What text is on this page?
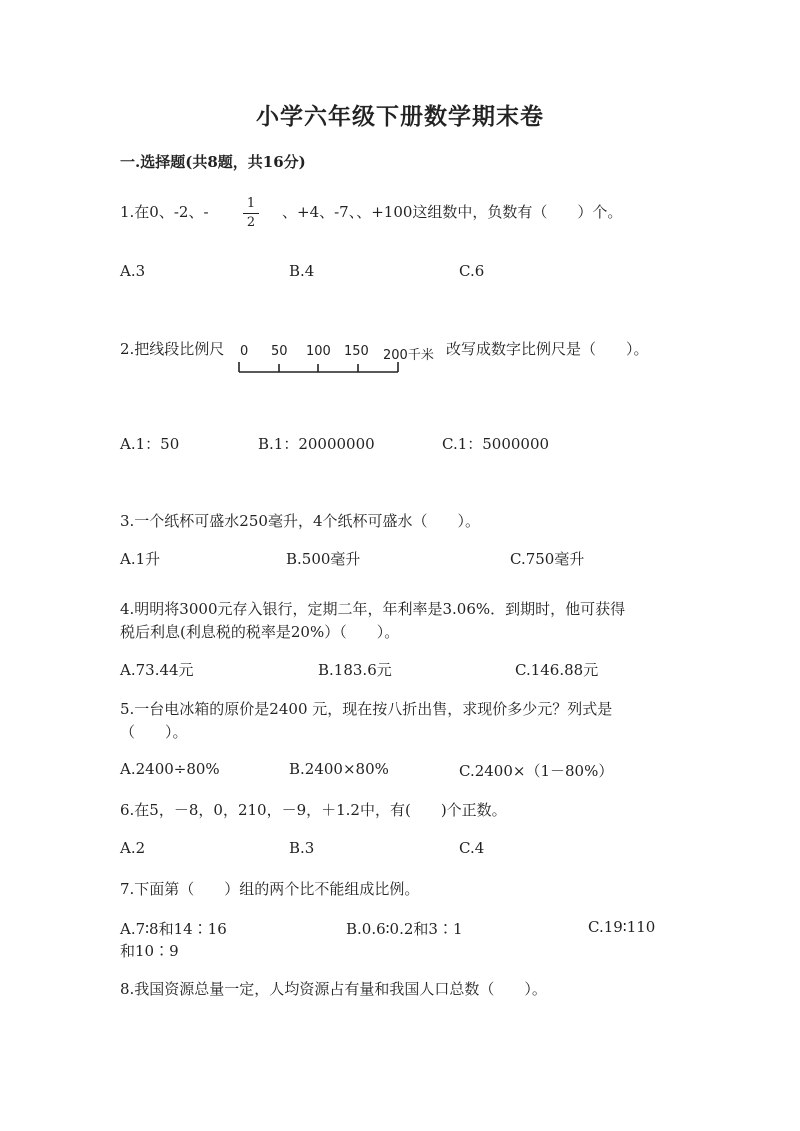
小学六年级下册数学期末卷
一.选择题(共8题，共16分)
1.在0、-2、-	1
2
、+4、-7、、+100这组数中，负数有（　　）个。
A.3	B.4	C.6
2.把线段比例尺 0 50 100 150 200千米 改写成数字比例尺是（　　）。
A.1：50	B.1：20000000	C.1：5000000
3.一个纸杯可盛水250毫升，4个纸杯可盛水（　　）。
A.1升	B.500毫升	C.750毫升
4.明明将3000元存入银行，定期二年，年利率是3.06%．到期时，他可获得
税后利息(利息税的税率是20%）（　　）。
A.73.44元	B.183.6元	C.146.88元
5.一台电冰箱的原价是2400 元，现在按八折出售，求现价多少元？列式是
（　　）。
A.2400÷80%	B.2400×80%	C.2400×（1－80%）
6.在5，－8，0，210，－9，＋1.2中，有(　　)个正数。
A.2	B.3	C.4
7.下面第（　　）组的两个比不能组成比例。
A.7∶8和14∶16	B.0.6∶0.2和3∶1	C.19∶110
和10∶9
8.我国资源总量一定，人均资源占有量和我国人口总数（　　）。
